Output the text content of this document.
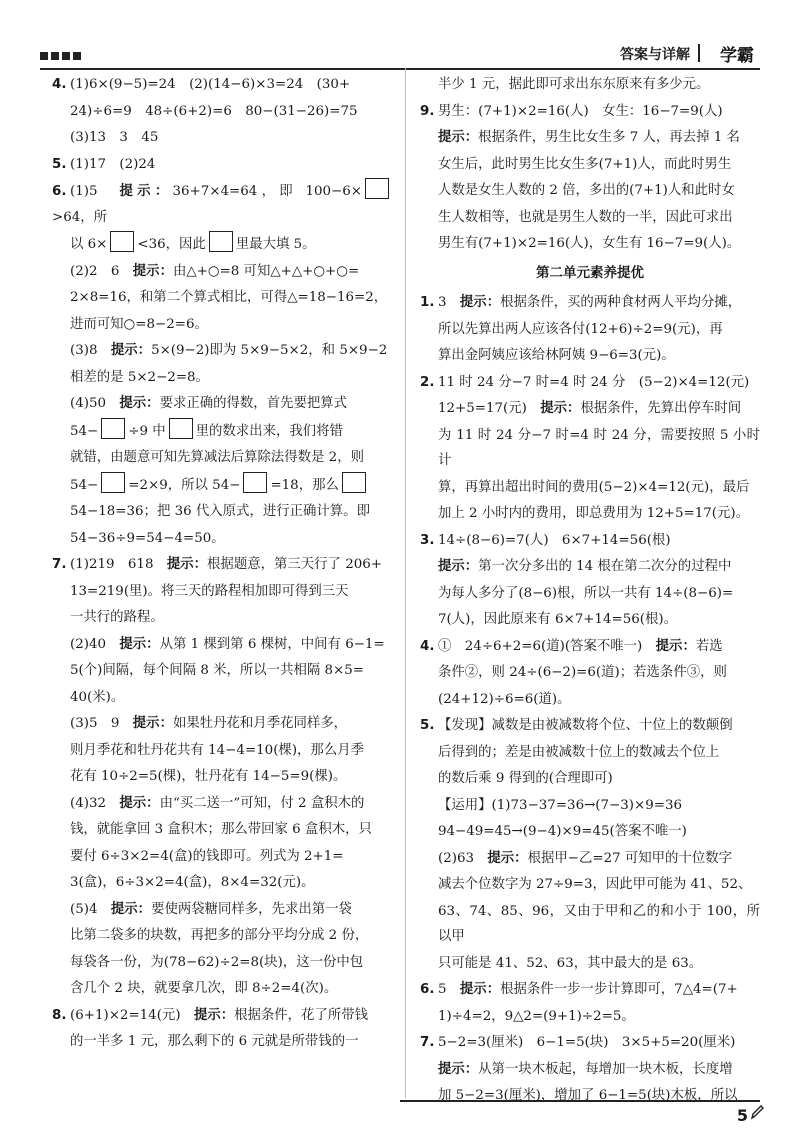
答案与详解 学霸

4. (1)6×(9−5)=24　(2)(14−6)×3=24　(30+

24)÷6=9　48÷(6+2)=6　80−(31−26)=75

(3)13　3　45

5. (1)17　(2)24

6. (1)5　提示：36+7×4=64，即 100−6×>64，所

以 6× <36，因此 里最大填 5。

(2)2　6　提示：由△+○=8 可知△+△+○+○=

2×8=16，和第二个算式相比，可得△=18−16=2，

进而可知○=8−2=6。

(3)8　提示：5×(9−2)即为 5×9−5×2，和 5×9−2

相差的是 5×2−2=8。

(4)50　提示：要求正确的得数，首先要把算式

54− ÷9 中 里的数求出来，我们将错

就错，由题意可知先算减法后算除法得数是 2，则

54− =2×9，所以 54− =18，那么

54−18=36；把 36 代入原式，进行正确计算。即

54−36÷9=54−4=50。

7. (1)219　618　提示：根据题意，第三天行了 206+

13=219(里)。将三天的路程相加即可得到三天

一共行的路程。

(2)40　提示：从第 1 棵到第 6 棵树，中间有 6−1=

5(个)间隔，每个间隔 8 米，所以一共相隔 8×5=

40(米)。

(3)5　9　提示：如果牡丹花和月季花同样多，

则月季花和牡丹花共有 14−4=10(棵)，那么月季

花有 10÷2=5(棵)，牡丹花有 14−5=9(棵)。

(4)32　提示：由“买二送一”可知，付 2 盒积木的

钱，就能拿回 3 盒积木；那么带回家 6 盒积木，只

要付 6÷3×2=4(盒)的钱即可。列式为 2+1=

3(盒)，6÷3×2=4(盒)，8×4=32(元)。

(5)4　提示：要使两袋糖同样多，先求出第一袋

比第二袋多的块数，再把多的部分平均分成 2 份，

每袋各一份，为(78−62)÷2=8(块)，这一份中包

含几个 2 块，就要拿几次，即 8÷2=4(次)。

8. (6+1)×2=14(元)　提示：根据条件，花了所带钱

的一半多 1 元，那么剩下的 6 元就是所带钱的一

半少 1 元，据此即可求出东东原来有多少元。

9. 男生：(7+1)×2=16(人)　女生：16−7=9(人)

提示：根据条件，男生比女生多 7 人，再去掉 1 名

女生后，此时男生比女生多(7+1)人，而此时男生

人数是女生人数的 2 倍，多出的(7+1)人和此时女

生人数相等，也就是男生人数的一半，因此可求出

男生有(7+1)×2=16(人)，女生有 16−7=9(人)。

第二单元素养提优

1. 3　提示：根据条件，买的两种食材两人平均分摊，

所以先算出两人应该各付(12+6)÷2=9(元)，再

算出金阿姨应该给林阿姨 9−6=3(元)。

2. 11 时 24 分−7 时=4 时 24 分　(5−2)×4=12(元)

12+5=17(元)　提示：根据条件，先算出停车时间

为 11 时 24 分−7 时=4 时 24 分，需要按照 5 小时计

算，再算出超出时间的费用(5−2)×4=12(元)，最后

加上 2 小时内的费用，即总费用为 12+5=17(元)。

3. 14÷(8−6)=7(人)　6×7+14=56(根)

提示：第一次分多出的 14 根在第二次分的过程中

为每人多分了(8−6)根，所以一共有 14÷(8−6)=

7(人)，因此原来有 6×7+14=56(根)。

4. ①　24÷6+2=6(道)(答案不唯一)　提示：若选

条件②，则 24÷(6−2)=6(道)；若选条件③，则

(24+12)÷6=6(道)。

5. 【发现】减数是由被减数将个位、十位上的数颠倒

后得到的；差是由被减数十位上的数减去个位上

的数后乘 9 得到的(合理即可)

【运用】(1)73−37=36→(7−3)×9=36

94−49=45→(9−4)×9=45(答案不唯一)

(2)63　提示：根据甲−乙=27 可知甲的十位数字

减去个位数字为 27÷9=3，因此甲可能为 41、52、

63、74、85、96，又由于甲和乙的和小于 100，所以甲

只可能是 41、52、63，其中最大的是 63。

6. 5　提示：根据条件一步一步计算即可，7△4=(7+

1)÷4=2，9△2=(9+1)÷2=5。

7. 5−2=3(厘米)　6−1=5(块)　3×5+5=20(厘米)

提示：从第一块木板起，每增加一块木板，长度增

加 5−2=3(厘米)，增加了 6−1=5(块)木板，所以

5
